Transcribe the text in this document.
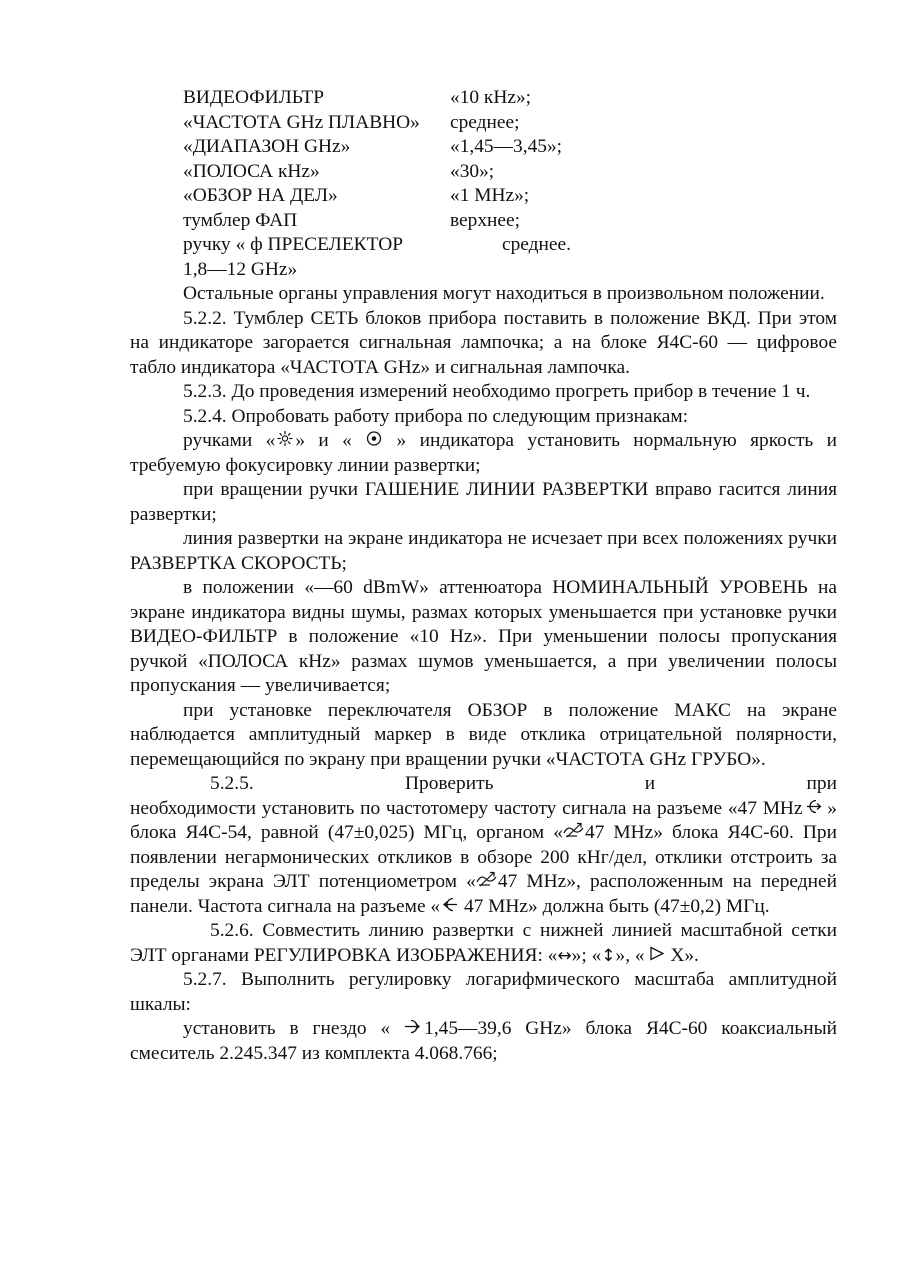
ВИДЕОФИЛЬТР	«10 кНz»;
«ЧАСТОТА GНz ПЛАВНО»	среднее;
«ДИАПАЗОН GНz»	«1,45—3,45»;
«ПОЛОСА кНz»	«30»;
«ОБЗОР НА ДЕЛ»	«1 МНz»;
тумблер ФАП	верхнее;
ручку « ф ПРЕСЕЛЕКТОР	среднее.
1,8—12 GНz»	

Остальные органы управления могут находиться в произвольном положении.

5.2.2. Тумблер СЕТЬ блоков прибора поставить в положение ВКД. При этом на индикаторе загорается сигнальная лампочка; а на блоке Я4С-60 — цифровое табло индикатора «ЧАСТОТА GНz» и сигнальная лампочка.

5.2.3. До проведения измерений необходимо прогреть прибор в течение 1 ч.

5.2.4. Опробовать работу прибора по следующим признакам:

ручками « » и «  » индикатора установить нормальную яркость и требуемую фокусировку линии развертки;

при вращении ручки ГАШЕНИЕ ЛИНИИ РАЗВЕРТКИ вправо гасится линия развертки;

линия развертки на экране индикатора не исчезает при всех положениях ручки РАЗВЕРТКА СКОРОСТЬ;

в положении «—60 dBmW» аттенюатора НОМИНАЛЬНЫЙ УРОВЕНЬ на экране индикатора видны шумы, размах которых уменьшается при установке ручки ВИДЕО-ФИЛЬТР в положение «10 Нz». При уменьшении полосы пропускания ручкой «ПОЛОСА кНz» размах шумов уменьшается, а при увеличении полосы пропускания — увеличивается;

при установке переключателя ОБЗОР в положение МАКС на экране наблюдается амплитудный маркер в виде отклика отрицательной полярности, перемещающийся по экрану при вращении ручки «ЧАСТОТА GНz ГРУБО».

5.2.5. Проверить и при

необходимости установить по частотомеру частоту сигнала на разъеме «47 МНz » блока Я4С-54, равной (47±0,025) МГц, органом « 47 МНz» блока Я4С-60. При появлении негармонических откликов в обзоре 200 кНг/дел, отклики отстроить за пределы экрана ЭЛТ потенциометром « 47 МНz», расположенным на передней панели. Частота сигнала на разъеме « 47 МНz» должна быть (47±0,2) МГц.

5.2.6. Совместить линию развертки с нижней линией масштабной сетки ЭЛТ органами РЕГУЛИРОВКА ИЗОБРАЖЕНИЯ: «↔»; «↕», «  Х».

5.2.7. Выполнить регулировку логарифмического масштаба амплитудной шкалы:

установить в гнездо « 1,45—39,6 GНz» блока Я4С-60 коаксиальный смеситель 2.245.347 из комплекта 4.068.766;
